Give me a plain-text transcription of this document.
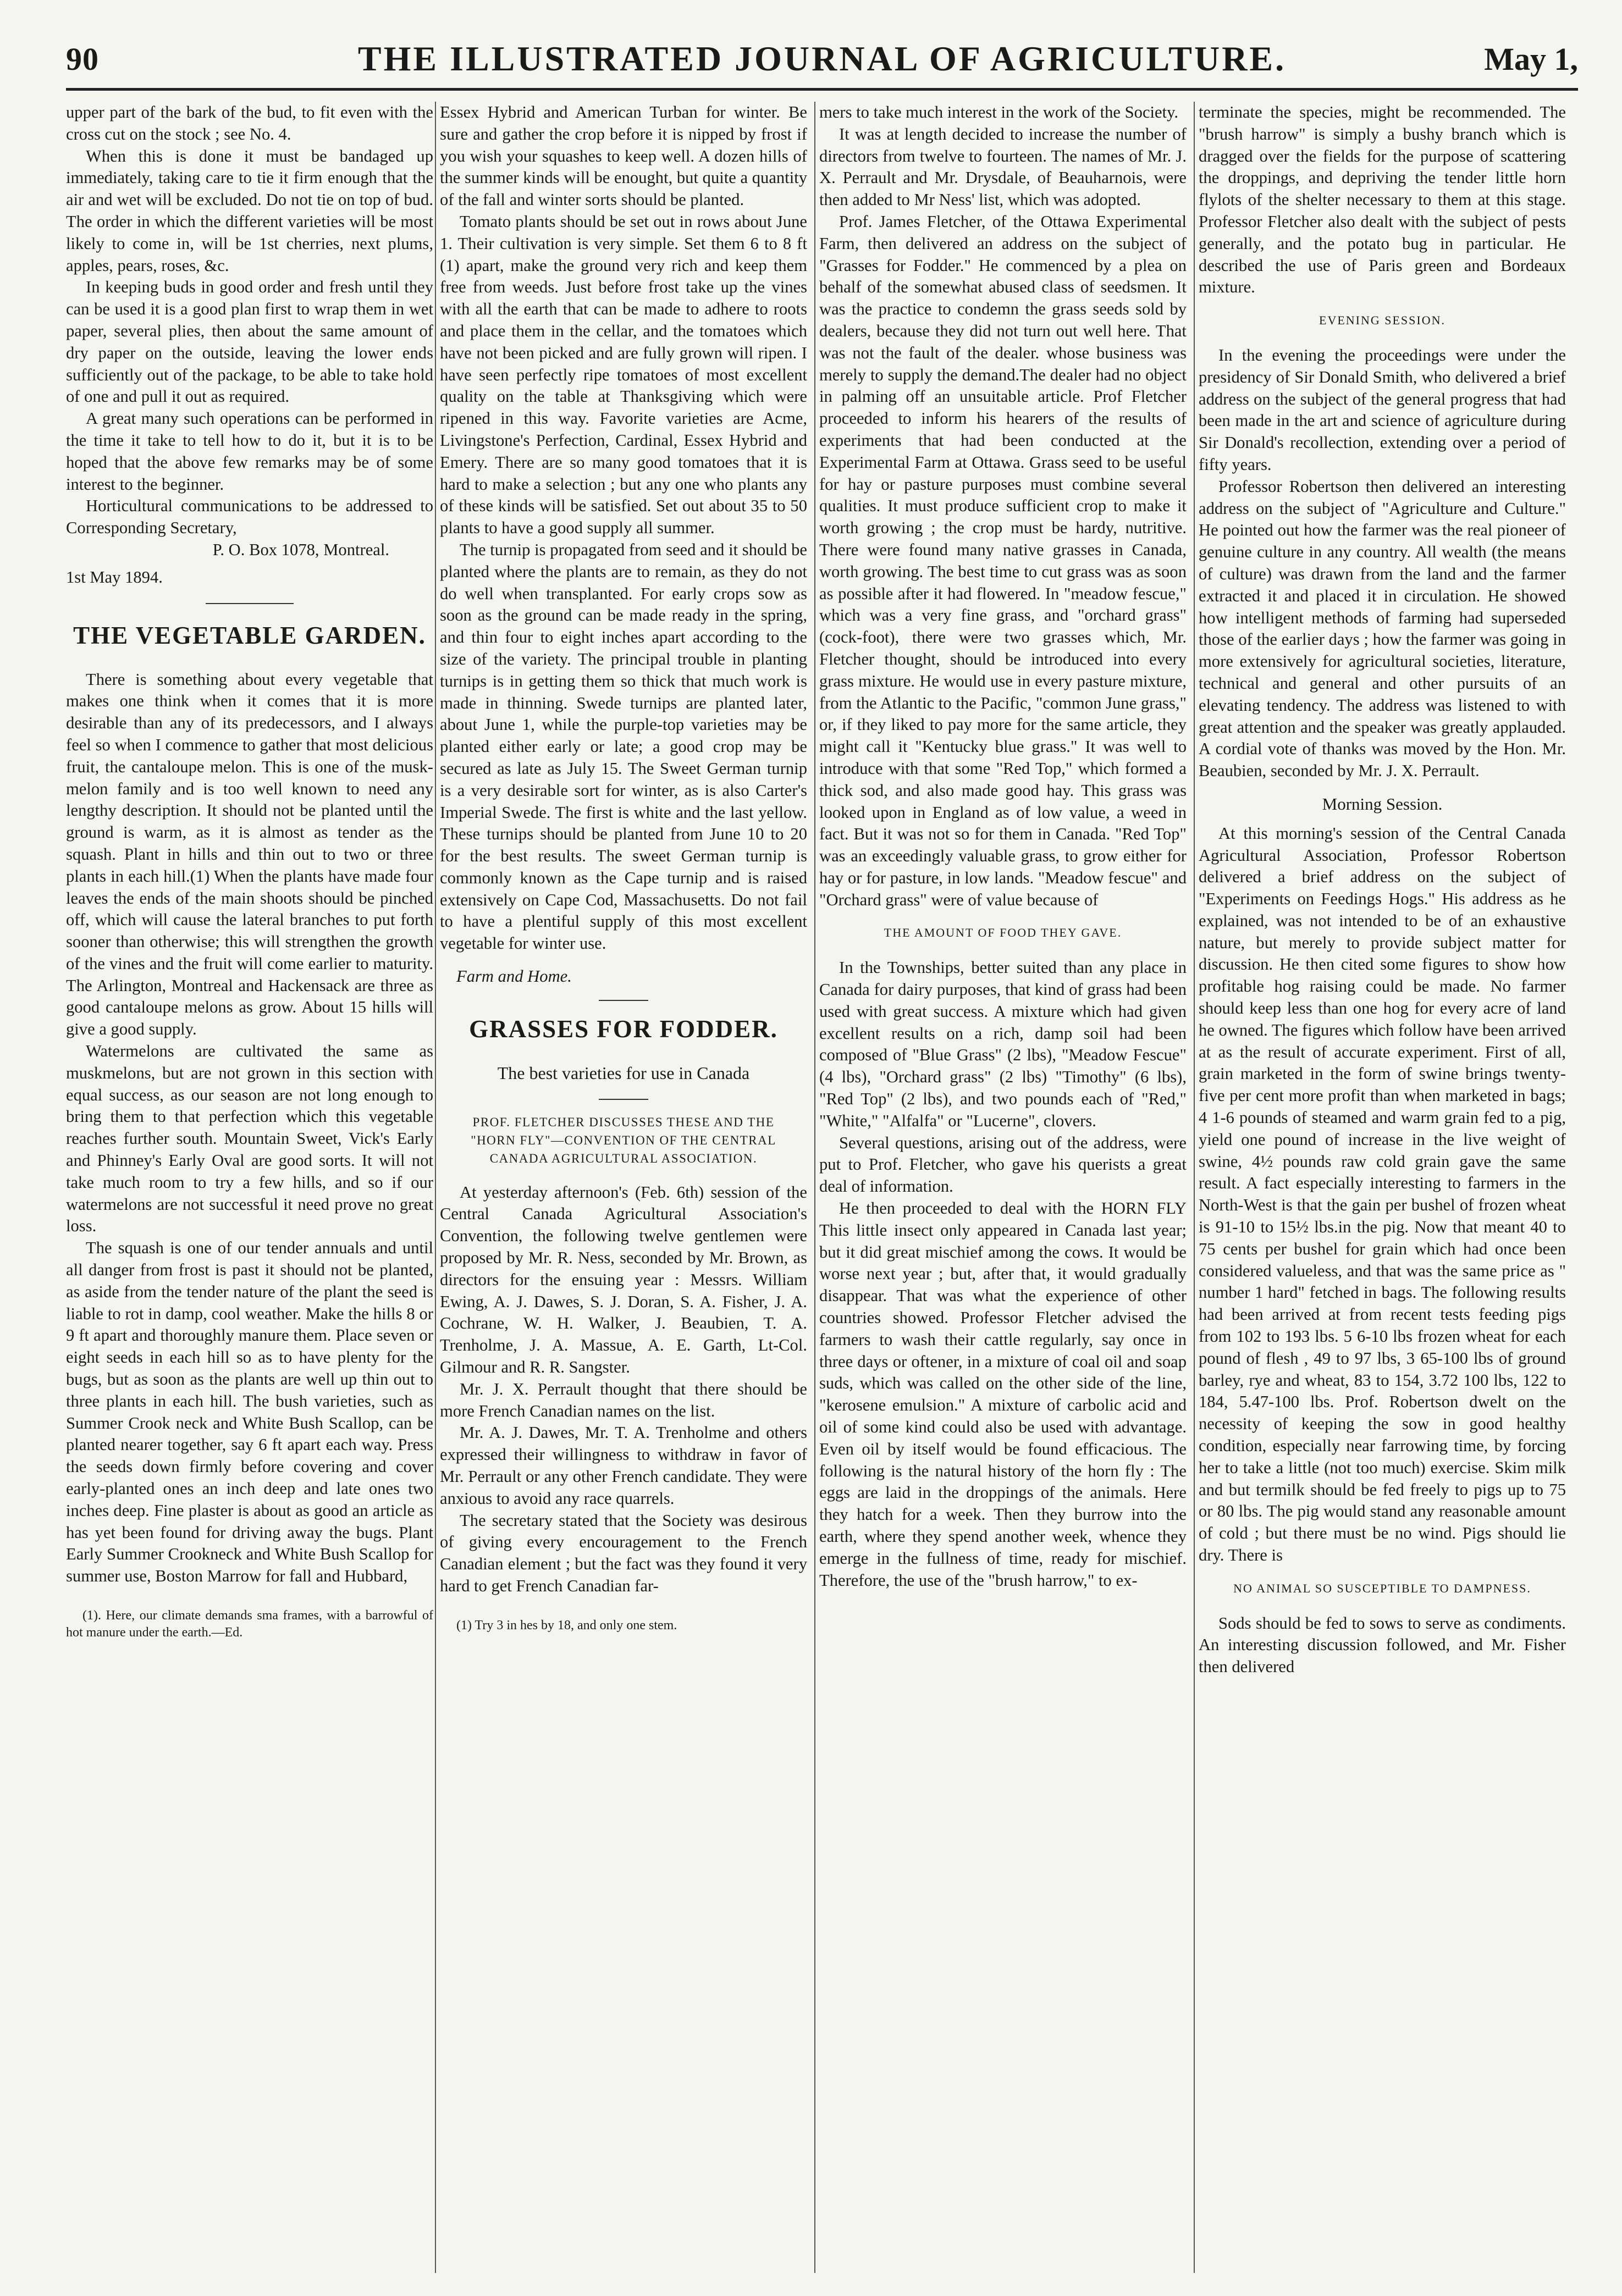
90	THE ILLUSTRATED JOURNAL OF AGRICULTURE.	May 1,

upper part of the bark of the bud, to fit even with the cross cut on the stock ; see No. 4.

When this is done it must be bandaged up immediately, taking care to tie it firm enough that the air and wet will be excluded. Do not tie on top of bud. The order in which the different varieties will be most likely to come in, will be 1st cherries, next plums, apples, pears, roses, &c.

In keeping buds in good order and fresh until they can be used it is a good plan first to wrap them in wet paper, several plies, then about the same amount of dry paper on the outside, leaving the lower ends sufficiently out of the package, to be able to take hold of one and pull it out as required.

A great many such operations can be performed in the time it take to tell how to do it, but it is to be hoped that the above few remarks may be of some interest to the beginner.

Horticultural communications to be addressed to Corresponding Secretary,

P. O. Box 1078, Montreal.

1st May 1894.

THE VEGETABLE GARDEN.

There is something about every vegetable that makes one think when it comes that it is more desirable than any of its predecessors, and I always feel so when I commence to gather that most delicious fruit, the cantaloupe melon. This is one of the musk-melon family and is too well known to need any lengthy description. It should not be planted until the ground is warm, as it is almost as tender as the squash. Plant in hills and thin out to two or three plants in each hill.(1) When the plants have made four leaves the ends of the main shoots should be pinched off, which will cause the lateral branches to put forth sooner than otherwise; this will strengthen the growth of the vines and the fruit will come earlier to maturity. The Arlington, Montreal and Hackensack are three as good cantaloupe melons as grow. About 15 hills will give a good supply.

Watermelons are cultivated the same as muskmelons, but are not grown in this section with equal success, as our season are not long enough to bring them to that perfection which this vegetable reaches further south. Mountain Sweet, Vick's Early and Phinney's Early Oval are good sorts. It will not take much room to try a few hills, and so if our watermelons are not successful it need prove no great loss.

The squash is one of our tender annuals and until all danger from frost is past it should not be planted, as aside from the tender nature of the plant the seed is liable to rot in damp, cool weather. Make the hills 8 or 9 ft apart and thoroughly manure them. Place seven or eight seeds in each hill so as to have plenty for the bugs, but as soon as the plants are well up thin out to three plants in each hill. The bush varieties, such as Summer Crook neck and White Bush Scallop, can be planted nearer together, say 6 ft apart each way. Press the seeds down firmly before covering and cover early-planted ones an inch deep and late ones two inches deep. Fine plaster is about as good an article as has yet been found for driving away the bugs. Plant Early Summer Crookneck and White Bush Scallop for summer use, Boston Marrow for fall and Hubbard,

(1). Here, our climate demands sma frames, with a barrowful of hot manure under the earth.—Ed.

Essex Hybrid and American Turban for winter. Be sure and gather the crop before it is nipped by frost if you wish your squashes to keep well. A dozen hills of the summer kinds will be enought, but quite a quantity of the fall and winter sorts should be planted.

Tomato plants should be set out in rows about June 1. Their cultivation is very simple. Set them 6 to 8 ft (1) apart, make the ground very rich and keep them free from weeds. Just before frost take up the vines with all the earth that can be made to adhere to roots and place them in the cellar, and the tomatoes which have not been picked and are fully grown will ripen. I have seen perfectly ripe tomatoes of most excellent quality on the table at Thanksgiving which were ripened in this way. Favorite varieties are Acme, Livingstone's Perfection, Cardinal, Essex Hybrid and Emery. There are so many good tomatoes that it is hard to make a selection ; but any one who plants any of these kinds will be satisfied. Set out about 35 to 50 plants to have a good supply all summer.

The turnip is propagated from seed and it should be planted where the plants are to remain, as they do not do well when transplanted. For early crops sow as soon as the ground can be made ready in the spring, and thin four to eight inches apart according to the size of the variety. The principal trouble in planting turnips is in getting them so thick that much work is made in thinning. Swede turnips are planted later, about June 1, while the purple-top varieties may be planted either early or late; a good crop may be secured as late as July 15. The Sweet German turnip is a very desirable sort for winter, as is also Carter's Imperial Swede. The first is white and the last yellow. These turnips should be planted from June 10 to 20 for the best results. The sweet German turnip is commonly known as the Cape turnip and is raised extensively on Cape Cod, Massachusetts. Do not fail to have a plentiful supply of this most excellent vegetable for winter use.

Farm and Home.

GRASSES FOR FODDER.
The best varieties for use in Canada
PROF. FLETCHER DISCUSSES THESE AND THE "HORN FLY"—CONVENTION OF THE CENTRAL CANADA AGRICULTURAL ASSOCIATION.

At yesterday afternoon's (Feb. 6th) session of the Central Canada Agricultural Association's Convention, the following twelve gentlemen were proposed by Mr. R. Ness, seconded by Mr. Brown, as directors for the ensuing year : Messrs. William Ewing, A. J. Dawes, S. J. Doran, S. A. Fisher, J. A. Cochrane, W. H. Walker, J. Beaubien, T. A. Trenholme, J. A. Massue, A. E. Garth, Lt-Col. Gilmour and R. R. Sangster.

Mr. J. X. Perrault thought that there should be more French Canadian names on the list.

Mr. A. J. Dawes, Mr. T. A. Trenholme and others expressed their willingness to withdraw in favor of Mr. Perrault or any other French candidate. They were anxious to avoid any race quarrels.

The secretary stated that the Society was desirous of giving every encouragement to the French Canadian element ; but the fact was they found it very hard to get French Canadian far-

(1) Try 3 in hes by 18, and only one stem.

mers to take much interest in the work of the Society.

It was at length decided to increase the number of directors from twelve to fourteen. The names of Mr. J. X. Perrault and Mr. Drysdale, of Beauharnois, were then added to Mr Ness' list, which was adopted.

Prof. James Fletcher, of the Ottawa Experimental Farm, then delivered an address on the subject of "Grasses for Fodder." He commenced by a plea on behalf of the somewhat abused class of seedsmen. It was the practice to condemn the grass seeds sold by dealers, because they did not turn out well here. That was not the fault of the dealer. whose business was merely to supply the demand.The dealer had no object in palming off an unsuitable article. Prof Fletcher proceeded to inform his hearers of the results of experiments that had been conducted at the Experimental Farm at Ottawa. Grass seed to be useful for hay or pasture purposes must combine several qualities. It must produce sufficient crop to make it worth growing ; the crop must be hardy, nutritive. There were found many native grasses in Canada, worth growing. The best time to cut grass was as soon as possible after it had flowered. In "meadow fescue," which was a very fine grass, and "orchard grass" (cock-foot), there were two grasses which, Mr. Fletcher thought, should be introduced into every grass mixture. He would use in every pasture mixture, from the Atlantic to the Pacific, "common June grass," or, if they liked to pay more for the same article, they might call it "Kentucky blue grass." It was well to introduce with that some "Red Top," which formed a thick sod, and also made good hay. This grass was looked upon in England as of low value, a weed in fact. But it was not so for them in Canada. "Red Top" was an exceedingly valuable grass, to grow either for hay or for pasture, in low lands. "Meadow fescue" and "Orchard grass" were of value because of

THE AMOUNT OF FOOD THEY GAVE.

In the Townships, better suited than any place in Canada for dairy purposes, that kind of grass had been used with great success. A mixture which had given excellent results on a rich, damp soil had been composed of "Blue Grass" (2 lbs), "Meadow Fescue" (4 lbs), "Orchard grass" (2 lbs) "Timothy" (6 lbs), "Red Top" (2 lbs), and two pounds each of "Red," "White," "Alfalfa" or "Lucerne", clovers.

Several questions, arising out of the address, were put to Prof. Fletcher, who gave his querists a great deal of information.

He then proceeded to deal with the HORN FLY This little insect only appeared in Canada last year; but it did great mischief among the cows. It would be worse next year ; but, after that, it would gradually disappear. That was what the experience of other countries showed. Professor Fletcher advised the farmers to wash their cattle regularly, say once in three days or oftener, in a mixture of coal oil and soap suds, which was called on the other side of the line, "kerosene emulsion." A mixture of carbolic acid and oil of some kind could also be used with advantage. Even oil by itself would be found efficacious. The following is the natural history of the horn fly : The eggs are laid in the droppings of the animals. Here they hatch for a week. Then they burrow into the earth, where they spend another week, whence they emerge in the fullness of time, ready for mischief. Therefore, the use of the "brush harrow," to ex-

terminate the species, might be recommended. The "brush harrow" is simply a bushy branch which is dragged over the fields for the purpose of scattering the droppings, and depriving the tender little horn flylots of the shelter necessary to them at this stage. Professor Fletcher also dealt with the subject of pests generally, and the potato bug in particular. He described the use of Paris green and Bordeaux mixture.

EVENING SESSION.

In the evening the proceedings were under the presidency of Sir Donald Smith, who delivered a brief address on the subject of the general progress that had been made in the art and science of agriculture during Sir Donald's recollection, extending over a period of fifty years.

Professor Robertson then delivered an interesting address on the subject of "Agriculture and Culture." He pointed out how the farmer was the real pioneer of genuine culture in any country. All wealth (the means of culture) was drawn from the land and the farmer extracted it and placed it in circulation. He showed how intelligent methods of farming had superseded those of the earlier days ; how the farmer was going in more extensively for agricultural societies, literature, technical and general and other pursuits of an elevating tendency. The address was listened to with great attention and the speaker was greatly applauded. A cordial vote of thanks was moved by the Hon. Mr. Beaubien, seconded by Mr. J. X. Perrault.

Morning Session.

At this morning's session of the Central Canada Agricultural Association, Professor Robertson delivered a brief address on the subject of "Experiments on Feedings Hogs." His address as he explained, was not intended to be of an exhaustive nature, but merely to provide subject matter for discussion. He then cited some figures to show how profitable hog raising could be made. No farmer should keep less than one hog for every acre of land he owned. The figures which follow have been arrived at as the result of accurate experiment. First of all, grain marketed in the form of swine brings twenty-five per cent more profit than when marketed in bags; 4 1-6 pounds of steamed and warm grain fed to a pig, yield one pound of increase in the live weight of swine, 4½ pounds raw cold grain gave the same result. A fact especially interesting to farmers in the North-West is that the gain per bushel of frozen wheat is 91-10 to 15½ lbs.in the pig. Now that meant 40 to 75 cents per bushel for grain which had once been considered valueless, and that was the same price as " number 1 hard" fetched in bags. The following results had been arrived at from recent tests feeding pigs from 102 to 193 lbs. 5 6-10 lbs frozen wheat for each pound of flesh , 49 to 97 lbs, 3 65-100 lbs of ground barley, rye and wheat, 83 to 154, 3.72 100 lbs, 122 to 184, 5.47-100 lbs. Prof. Robertson dwelt on the necessity of keeping the sow in good healthy condition, especially near farrowing time, by forcing her to take a little (not too much) exercise. Skim milk and but termilk should be fed freely to pigs up to 75 or 80 lbs. The pig would stand any reasonable amount of cold ; but there must be no wind. Pigs should lie dry. There is

NO ANIMAL SO SUSCEPTIBLE TO DAMPNESS.

Sods should be fed to sows to serve as condiments. An interesting discussion followed, and Mr. Fisher then delivered
